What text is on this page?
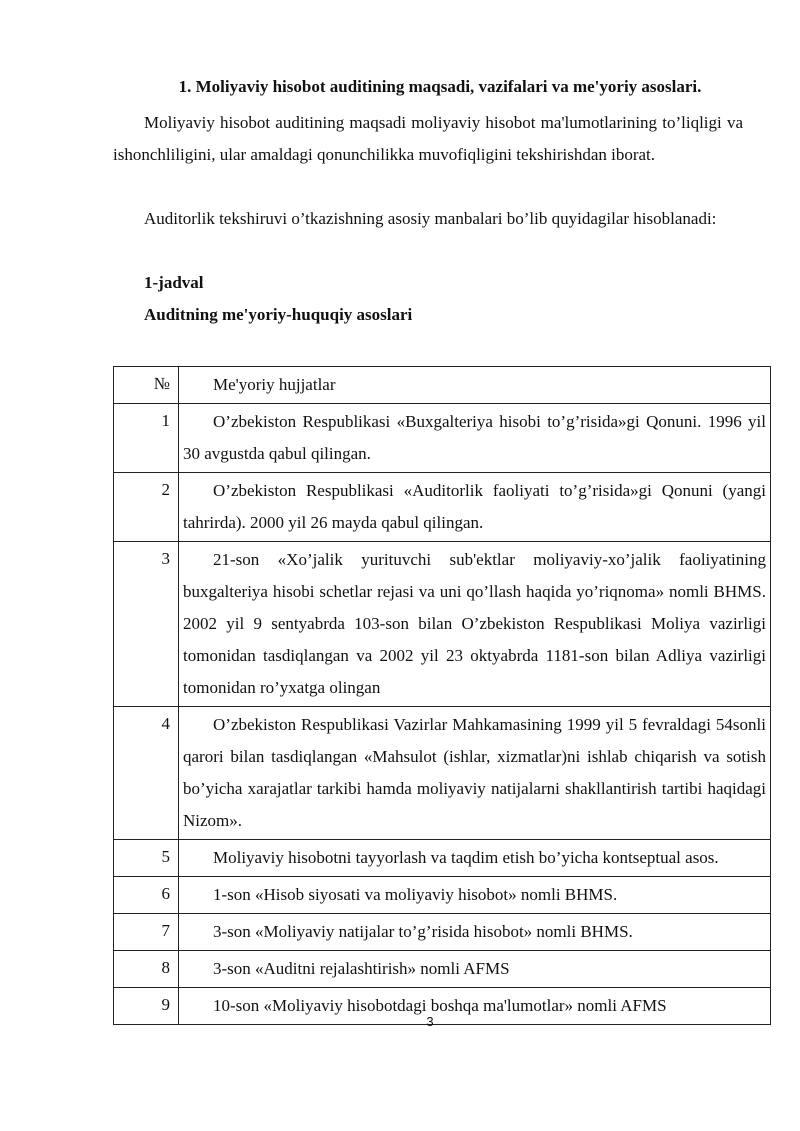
1. Moliyaviy hisobot auditining maqsadi, vazifalari va me'yoriy asoslari.
Moliyaviy hisobot auditining maqsadi moliyaviy hisobot ma'lumotlarining to’liqligi va ishonchliligini, ular amaldagi qonunchilikka muvofiqligini tekshirishdan iborat.
Auditorlik tekshiruvi o’tkazishning asosiy manbalari bo’lib quyidagilar hisoblanadi:
1-jadval
Auditning me'yoriy-huquqiy asoslari
№	Me'yoriy hujjatlar
1	O’zbekiston Respublikasi «Buxgalteriya hisobi to’g’risida»gi Qonuni. 1996 yil 30 avgustda qabul qilingan.
2	O’zbekiston Respublikasi «Auditorlik faoliyati to’g’risida»gi Qonuni (yangi tahrirda). 2000 yil 26 mayda qabul qilingan.
3	21-son «Xo’jalik yurituvchi sub'ektlar moliyaviy-xo’jalik faoliyatining buxgalteriya hisobi schetlar rejasi va uni qo’llash haqida yo’riqnoma» nomli BHMS. 2002 yil 9 sentyabrda 103-son bilan O’zbekiston Respublikasi Moliya vazirligi tomonidan tasdiqlangan va 2002 yil 23 oktyabrda 1181-son bilan Adliya vazirligi tomonidan ro’yxatga olingan
4	O’zbekiston Respublikasi Vazirlar Mahkamasining 1999 yil 5 fevraldagi 54sonli qarori bilan tasdiqlangan «Mahsulot (ishlar, xizmatlar)ni ishlab chiqarish va sotish bo’yicha xarajatlar tarkibi hamda moliyaviy natijalarni shakllantirish tartibi haqidagi Nizom».
5	Moliyaviy hisobotni tayyorlash va taqdim etish bo’yicha kontseptual asos.
6	1-son «Hisob siyosati va moliyaviy hisobot» nomli BHMS.
7	3-son «Moliyaviy natijalar to’g’risida hisobot» nomli BHMS.
8	3-son «Auditni rejalashtirish» nomli AFMS
9	10-son «Moliyaviy hisobotdagi boshqa ma'lumotlar» nomli AFMS
3
